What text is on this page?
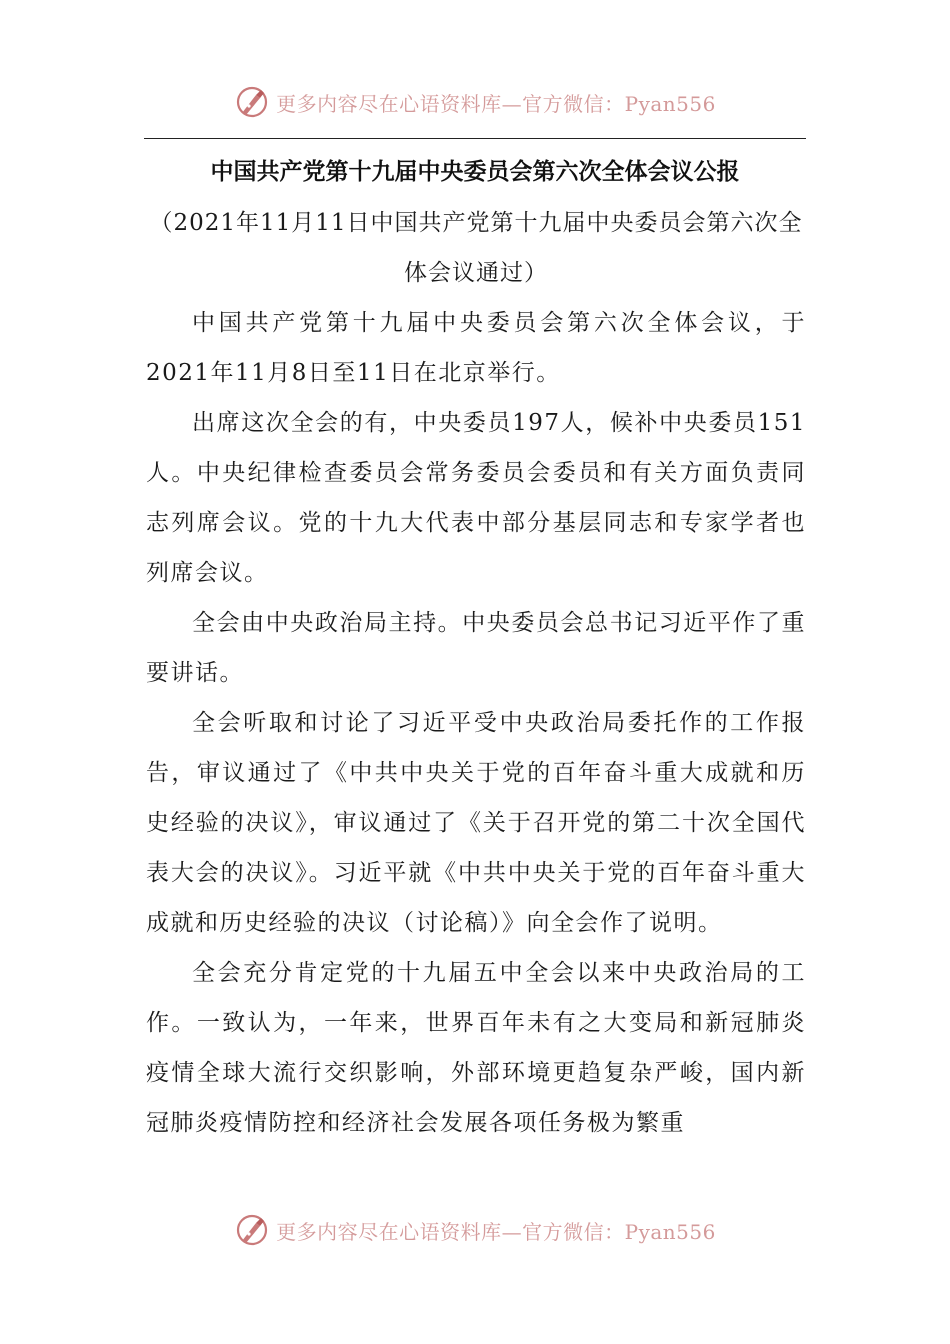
更多内容尽在心语资料库—官方微信：Pyan556
中国共产党第十九届中央委员会第六次全体会议公报

（2021年11月11日中国共产党第十九届中央委员会第六次全体会议通过）

中国共产党第十九届中央委员会第六次全体会议，于2021年11月8日至11日在北京举行。

出席这次全会的有，中央委员197人，候补中央委员151人。中央纪律检查委员会常务委员会委员和有关方面负责同志列席会议。党的十九大代表中部分基层同志和专家学者也列席会议。

全会由中央政治局主持。中央委员会总书记习近平作了重要讲话。

全会听取和讨论了习近平受中央政治局委托作的工作报告，审议通过了《中共中央关于党的百年奋斗重大成就和历史经验的决议》，审议通过了《关于召开党的第二十次全国代表大会的决议》。习近平就《中共中央关于党的百年奋斗重大成就和历史经验的决议（讨论稿）》向全会作了说明。

全会充分肯定党的十九届五中全会以来中央政治局的工作。一致认为，一年来，世界百年未有之大变局和新冠肺炎疫情全球大流行交织影响，外部环境更趋复杂严峻，国内新冠肺炎疫情防控和经济社会发展各项任务极为繁重

更多内容尽在心语资料库—官方微信：Pyan556
